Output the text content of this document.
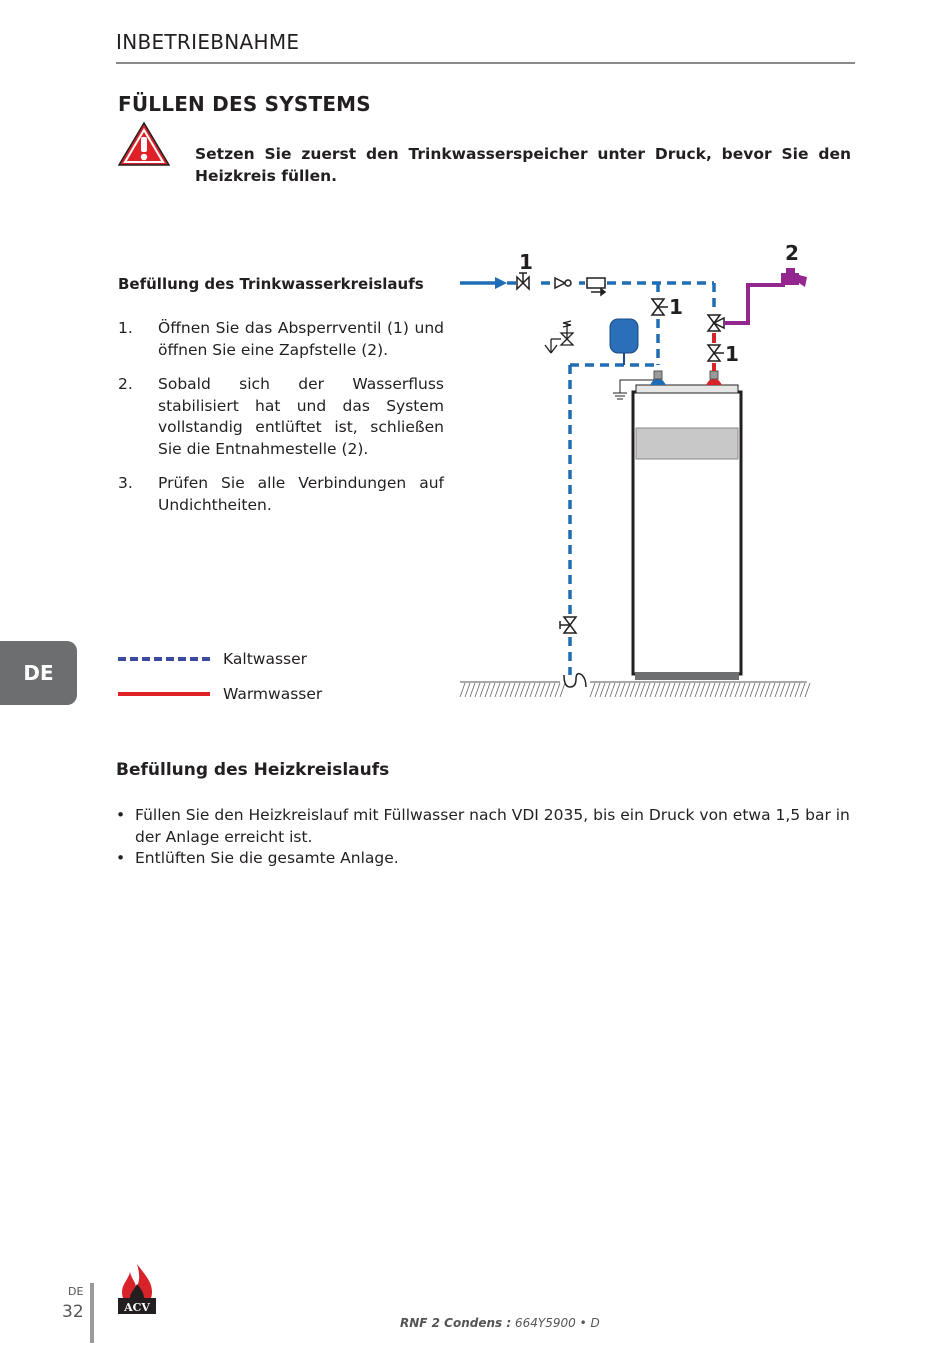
INBETRIEBNAHME
FÜLLEN DES SYSTEMS
Setzen Sie zuerst den Trinkwasserspeicher unter Druck, bevor Sie den Heizkreis füllen.
Befüllung des Trinkwasserkreislaufs
1.	Öffnen Sie das Absperrventil (1) und öffnen Sie eine Zapfstelle (2).
2.	Sobald sich der Wasserfluss stabilisiert hat und das System vollstandig entlüftet ist, schließen Sie die Entnahmestelle (2).
3.	Prüfen Sie alle Verbindungen auf Undichtheiten.
Kaltwasser
Warmwasser
DE
1
1
1
2
Befüllung des Heizkreislaufs
• Füllen Sie den Heizkreislauf mit Füllwasser nach VDI 2035, bis ein Druck von etwa 1,5 bar in der Anlage erreicht ist.
• Entlüften Sie die gesamte Anlage.
DE
32	ACV
RNF 2 Condens : 664Y5900 • D
